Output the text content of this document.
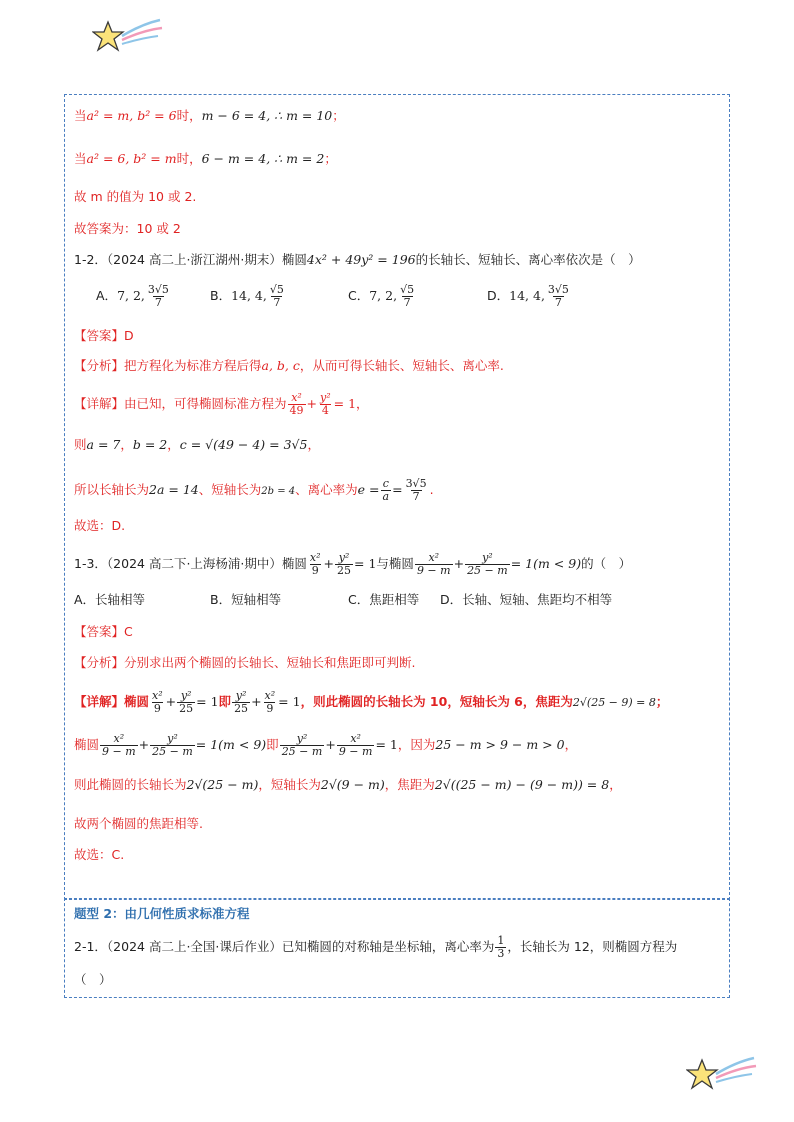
当a² = m, b² = 6时，m − 6 = 4, ∴ m = 10；
当a² = 6, b² = m时，6 − m = 4, ∴ m = 2；
故 m 的值为 10 或 2.
故答案为：10 或 2
1-2．（2024 高二上·浙江湖州·期末）椭圆4x² + 49y² = 196的长轴长、短轴长、离心率依次是（　）
A．7, 2, $\frac{3√5}{7}$	B．14, 4, $\frac{√5}{7}$	C．7, 2, $\frac{√5}{7}$	D．14, 4, $\frac{3√5}{7}$
【答案】D
【分析】把方程化为标准方程后得a, b, c，从而可得长轴长、短轴长、离心率.
【详解】由已知，可得椭圆标准方程为 $\frac{\text{x²}}{49} + \frac{\text{y²}}{4} = 1$，
则a = 7，b = 2，c = √(49 − 4) = 3√5，
所以长轴长为2a = 14、短轴长为2b = 4、离心率为$e = \frac{c}{a} = \frac{3√5}{7}$ .
故选：D.
1-3．（2024 高二下·上海杨浦·期中）椭圆 $\frac{\text{x²}}{9} + \frac{\text{y²}}{25} = 1$与椭圆 $\frac{\text{x²}}{9 - m} + \frac{\text{y²}}{25 - m} = 1(m < 9)$的（　）
A．长轴相等	B．短轴相等	C．焦距相等 D．长轴、短轴、焦距均不相等
【答案】C
【分析】分别求出两个椭圆的长轴长、短轴长和焦距即可判断.
【详解】椭圆 $\frac{\text{x²}}{9} + \frac{\text{y²}}{25} = 1$即 $\frac{\text{y²}}{25} + \frac{\text{x²}}{9} = 1$，则此椭圆的长轴长为 10，短轴长为 6，焦距为2√(25 − 9) = 8；
椭圆 $\frac{\text{x²}}{9 - m} + \frac{\text{y²}}{25 - m} = 1(m < 9)$即 $\frac{\text{y²}}{25 - m} + \frac{\text{x²}}{9 - m} = 1$，因为25 − m > 9 − m > 0，
则此椭圆的长轴长为2√(25 − m)，短轴长为2√(9 − m)，焦距为2√((25 − m) − (9 − m)) = 8，
故两个椭圆的焦距相等.
故选：C.
题型 2：由几何性质求标准方程
2-1．（2024 高二上·全国·课后作业）已知椭圆的对称轴是坐标轴，离心率为 $\frac{1}{3}$ ，长轴长为 12，则椭圆方程为
（　）
